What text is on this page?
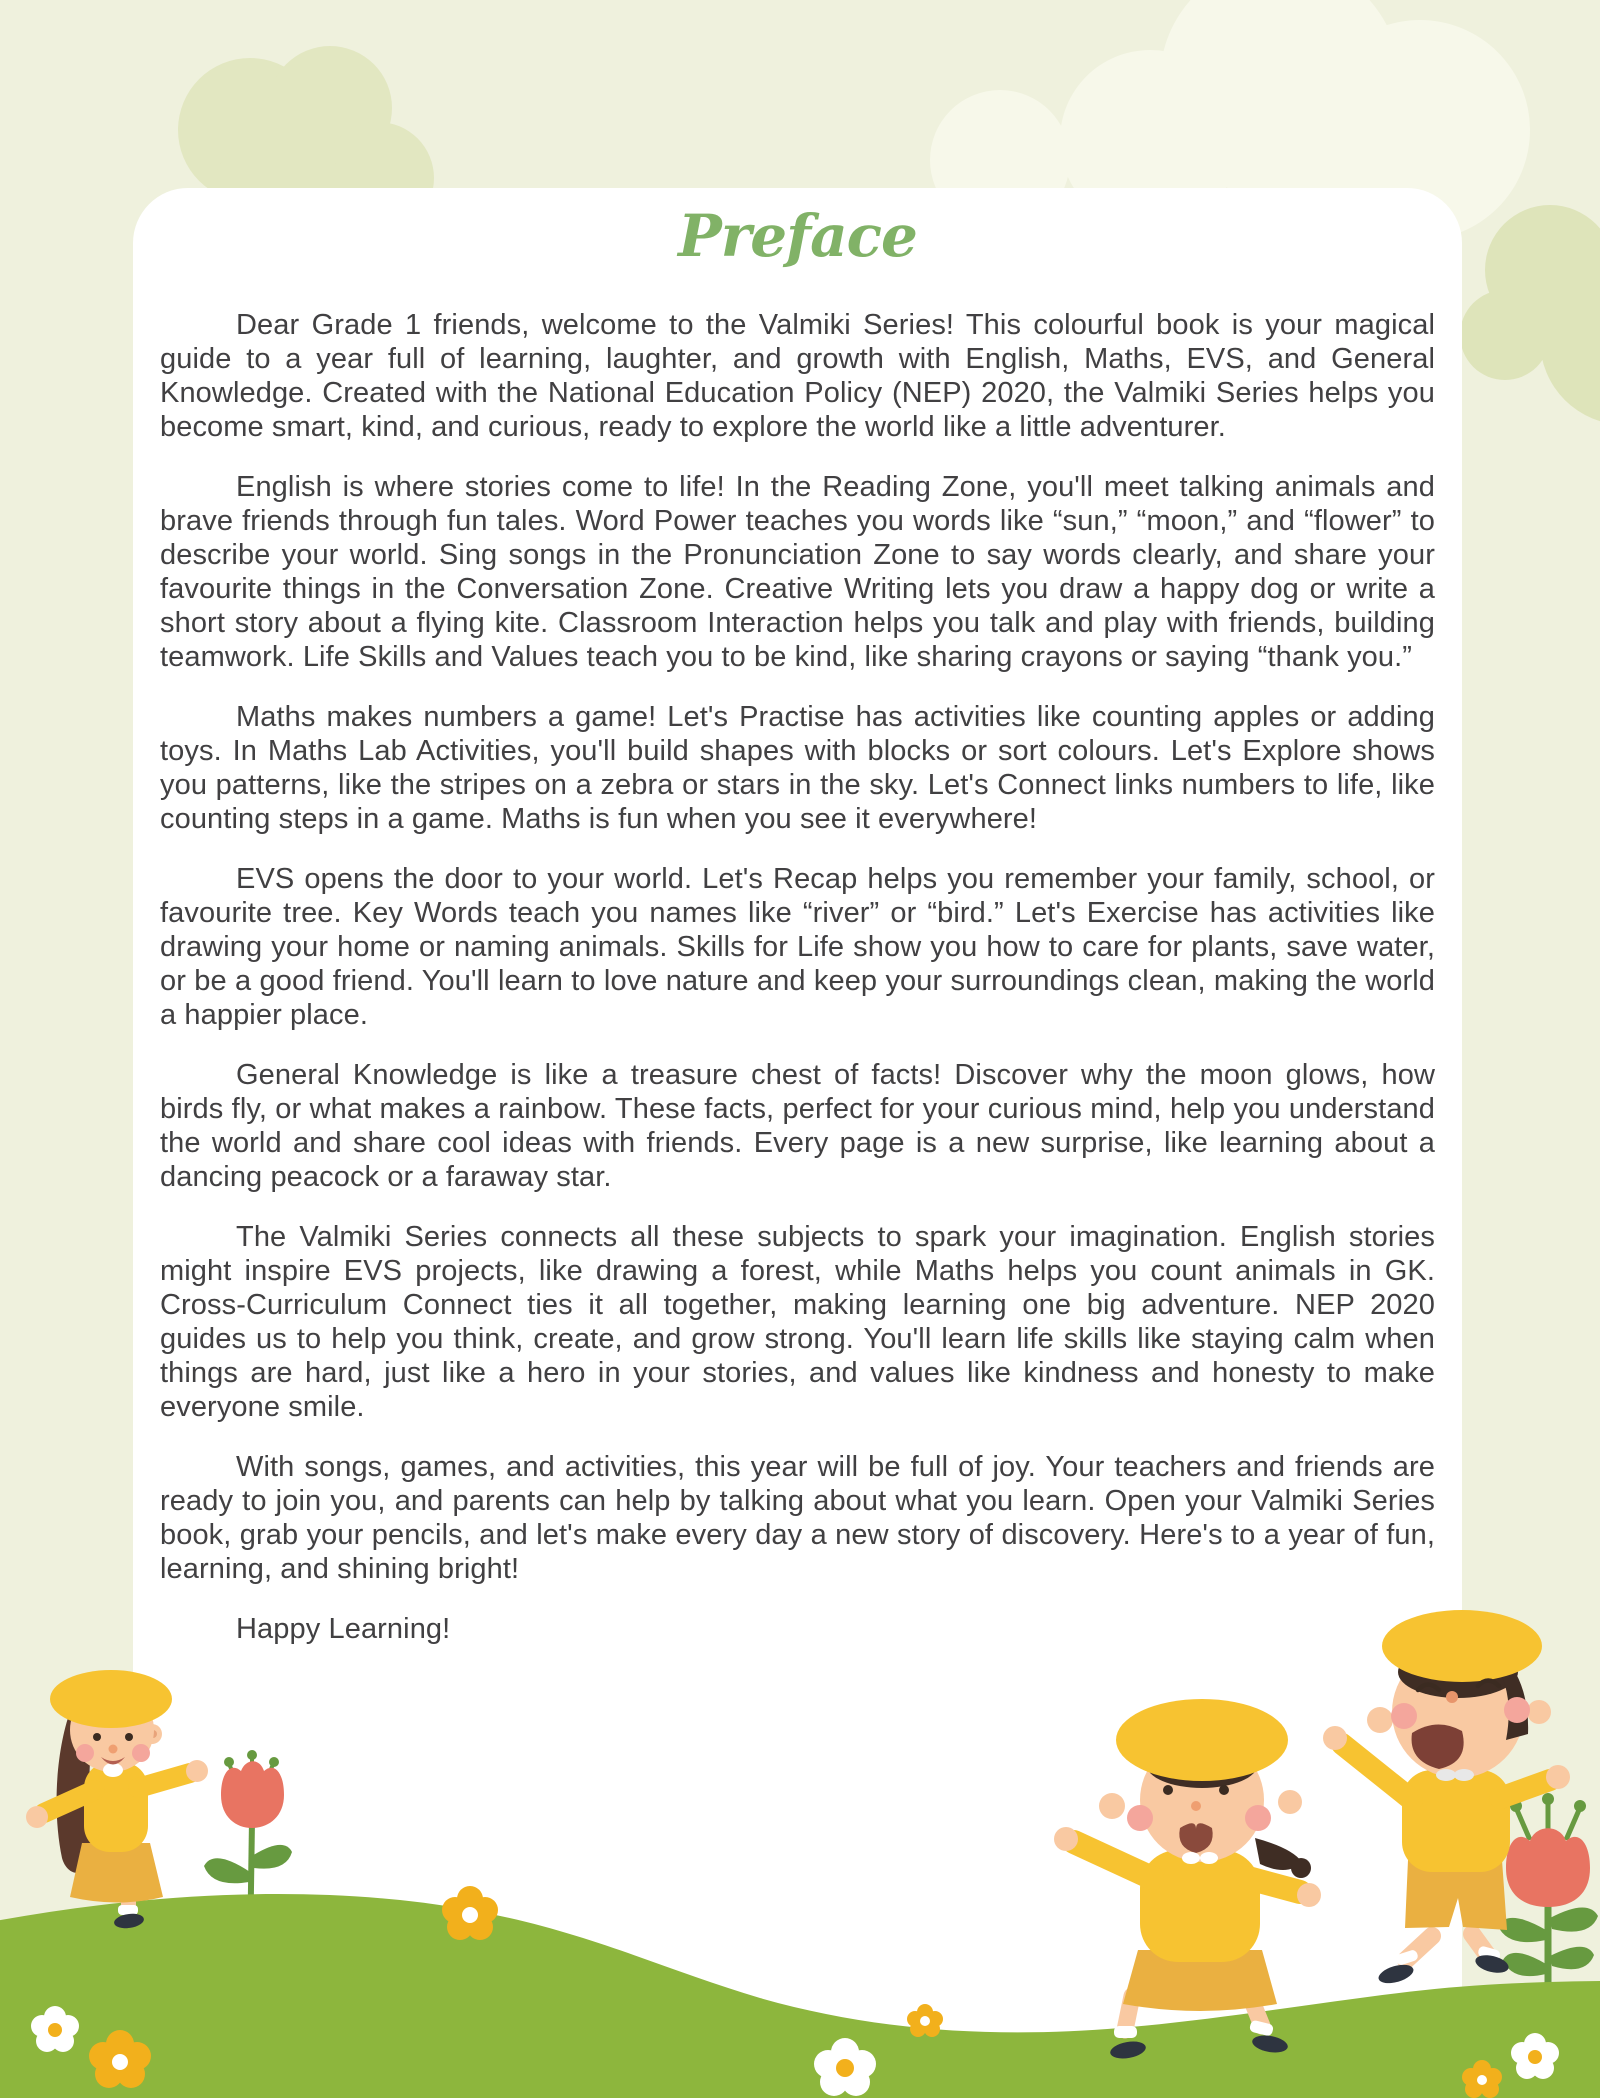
Preface

Dear Grade 1 friends, welcome to the Valmiki Series! This colourful book is your magical guide to a year full of learning, laughter, and growth with English, Maths, EVS, and General Knowledge. Created with the National Education Policy (NEP) 2020, the Valmiki Series helps you become smart, kind, and curious, ready to explore the world like a little adventurer.

English is where stories come to life! In the Reading Zone, you'll meet talking animals and brave friends through fun tales. Word Power teaches you words like “sun,” “moon,” and “flower” to describe your world. Sing songs in the Pronunciation Zone to say words clearly, and share your favourite things in the Conversation Zone. Creative Writing lets you draw a happy dog or write a short story about a flying kite. Classroom Interaction helps you talk and play with friends, building teamwork. Life Skills and Values teach you to be kind, like sharing crayons or saying “thank you.”

Maths makes numbers a game! Let's Practise has activities like counting apples or adding toys. In Maths Lab Activities, you'll build shapes with blocks or sort colours. Let's Explore shows you patterns, like the stripes on a zebra or stars in the sky. Let's Connect links numbers to life, like counting steps in a game. Maths is fun when you see it everywhere!

EVS opens the door to your world. Let's Recap helps you remember your family, school, or favourite tree. Key Words teach you names like “river” or “bird.” Let's Exercise has activities like drawing your home or naming animals. Skills for Life show you how to care for plants, save water, or be a good friend. You'll learn to love nature and keep your surroundings clean, making the world a happier place.

General Knowledge is like a treasure chest of facts! Discover why the moon glows, how birds fly, or what makes a rainbow. These facts, perfect for your curious mind, help you understand the world and share cool ideas with friends. Every page is a new surprise, like learning about a dancing peacock or a faraway star.

The Valmiki Series connects all these subjects to spark your imagination. English stories might inspire EVS projects, like drawing a forest, while Maths helps you count animals in GK. Cross-Curriculum Connect ties it all together, making learning one big adventure. NEP 2020 guides us to help you think, create, and grow strong. You'll learn life skills like staying calm when things are hard, just like a hero in your stories, and values like kindness and honesty to make everyone smile.

With songs, games, and activities, this year will be full of joy. Your teachers and friends are ready to join you, and parents can help by talking about what you learn. Open your Valmiki Series book, grab your pencils, and let's make every day a new story of discovery. Here's to a year of fun, learning, and shining bright!

Happy Learning!
